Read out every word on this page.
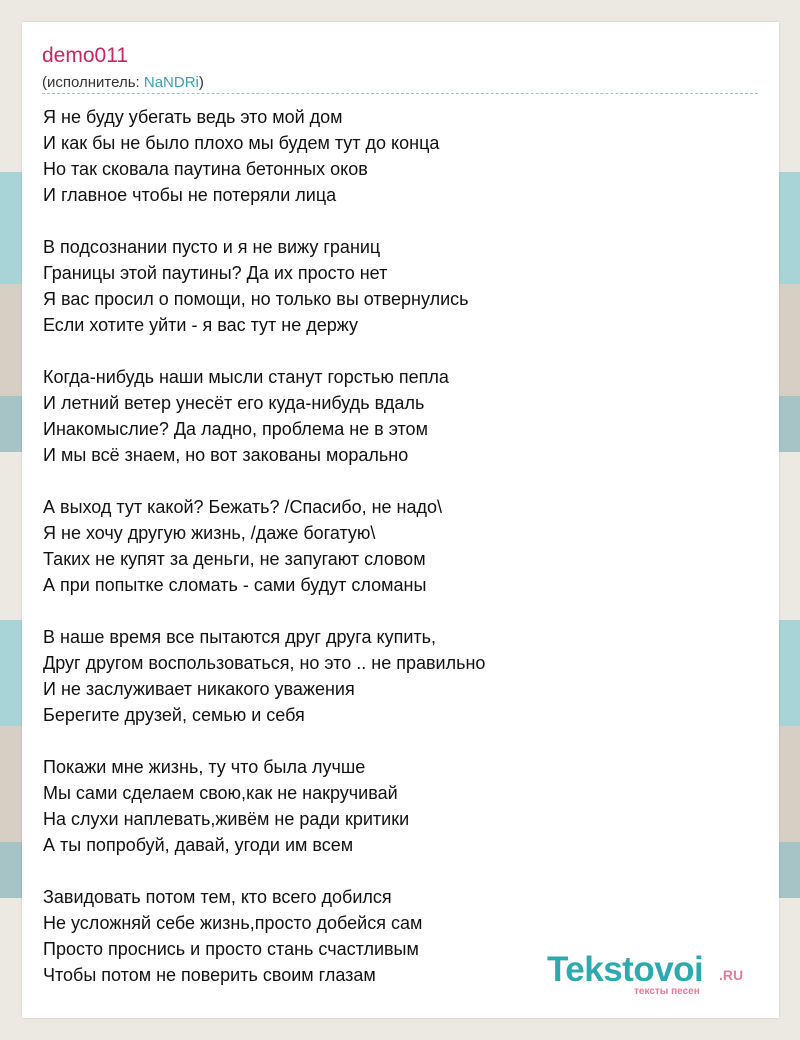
demo011
(исполнитель: NaNDRi)
Я не буду убегать ведь это мой дом
И как бы не было плохо мы будем тут до конца
Но так сковала паутина бетонных оков
И главное чтобы не потеряли лица
В подсознании пусто и я не вижу границ
Границы этой паутины? Да их просто нет
Я вас просил о помощи, но только вы отвернулись
Если хотите уйти - я вас тут не держу
Когда-нибудь наши мысли станут горстью пепла
И летний ветер унесёт его куда-нибудь вдаль
Инакомыслие? Да ладно, проблема не в этом
И мы всё знаем, но вот закованы морально
А выход тут какой? Бежать? /Спасибо, не надо\
Я не хочу другую жизнь, /даже богатую\
Таких не купят за деньги, не запугают словом
А при попытке сломать - сами будут сломаны
В наше время все пытаются друг друга купить,
Друг другом воспользоваться, но это .. не правильно
И не заслуживает никакого уважения
Берегите друзей, семью и себя
Покажи мне жизнь, ту что была лучше
Мы сами сделаем свою,как не накручивай
На слухи наплевать,живём не ради критики
А ты попробуй, давай, угоди им всем
Завидовать потом тем, кто всего добился
Не усложняй себе жизнь,просто добейся сам
Просто проснись и просто стань счастливым
Чтобы потом не поверить своим глазам	Tekstovoi .RU
тексты песен
